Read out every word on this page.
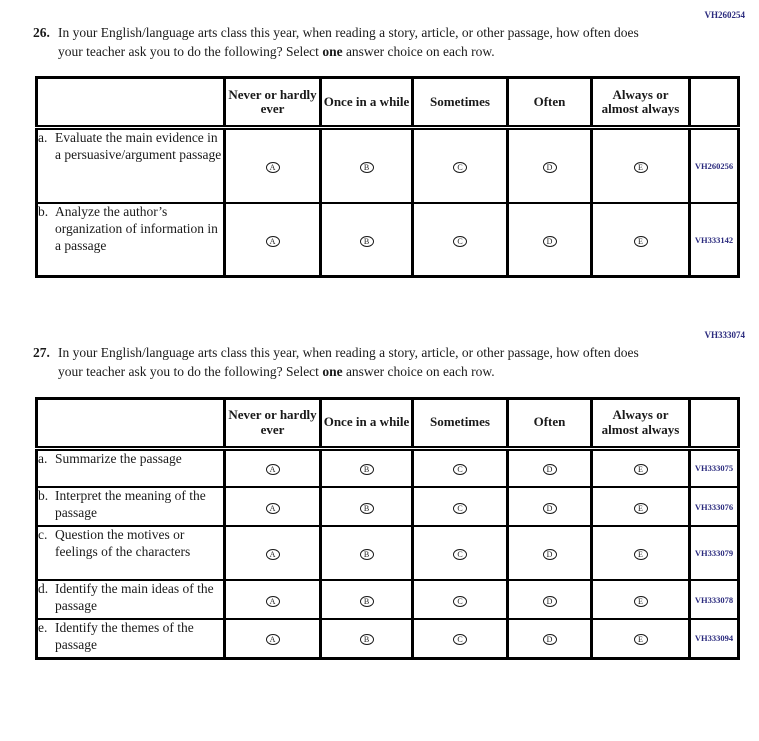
VH260254
26. In your English/language arts class this year, when reading a story, article, or other passage, how often does your teacher ask you to do the following? Select one answer choice on each row.
	Never or hardly ever	Once in a while	Sometimes	Often	Always or almost always	

a. Evaluate the main evidence in a persuasive/argument passage	A	B	C	D	E	VH260256

b. Analyze the author’s organization of information in a passage	A	B	C	D	E	VH333142
VH333074
27. In your English/language arts class this year, when reading a story, article, or other passage, how often does your teacher ask you to do the following? Select one answer choice on each row.
	Never or hardly ever	Once in a while	Sometimes	Often	Always or almost always	

a. Summarize the passage	A	B	C	D	E	VH333075

b. Interpret the meaning of the passage	A	B	C	D	E	VH333076

c. Question the motives or feelings of the characters	A	B	C	D	E	VH333079

d. Identify the main ideas of the passage	A	B	C	D	E	VH333078

e. Identify the themes of the passage	A	B	C	D	E	VH333094
